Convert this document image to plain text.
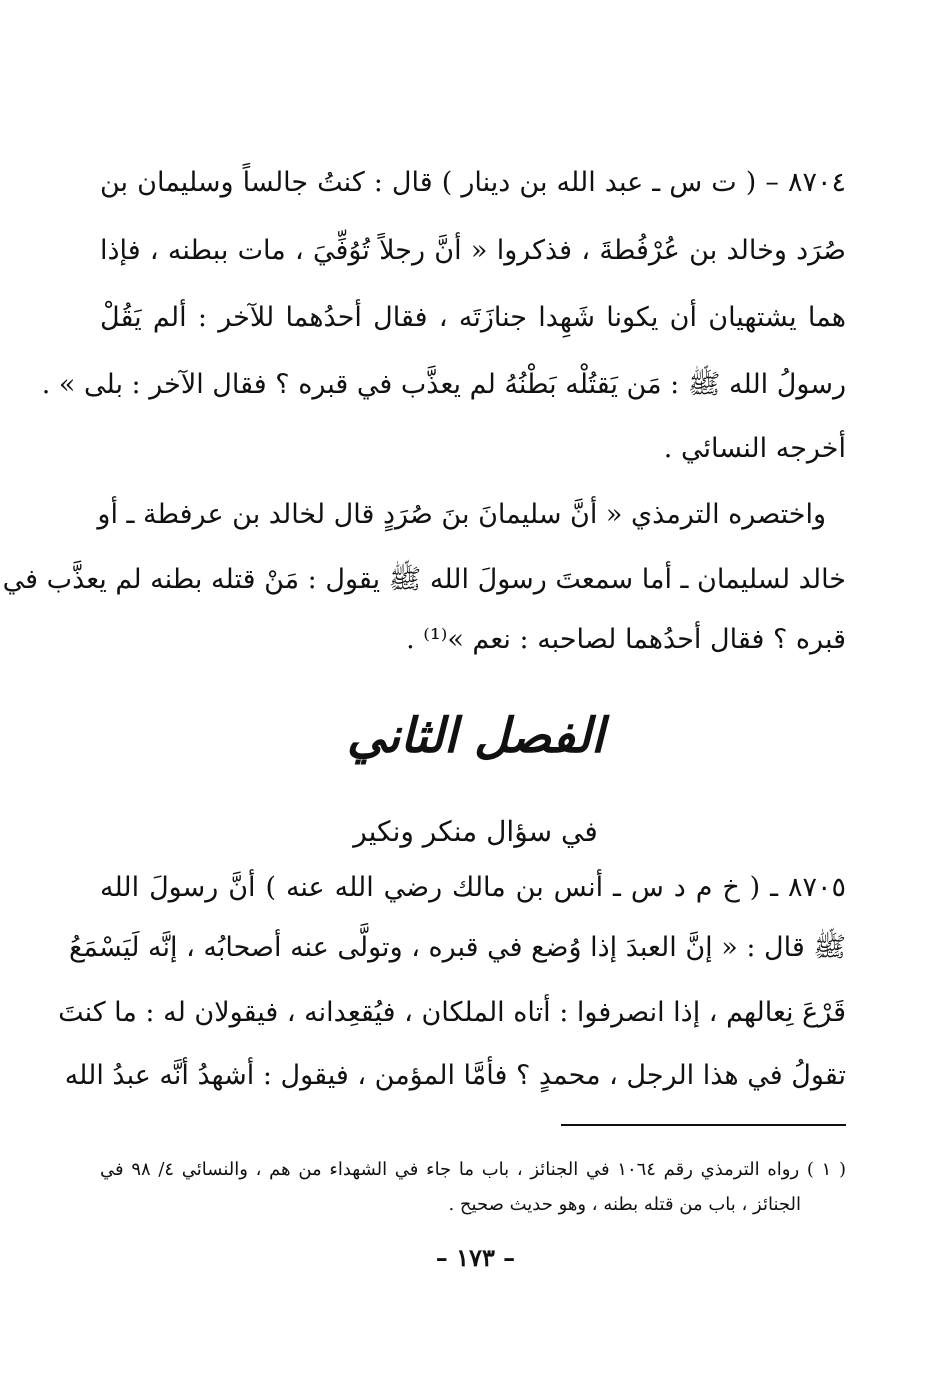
٨٧٠٤ – ( ت س ـ عبد الله بن دينار ) قال : كنتُ جالساً وسليمان بن
صُرَد وخالد بن عُرْفُطةَ ، فذكروا « أنَّ رجلاً تُوُفِّيَ ، مات ببطنه ، فإذا
هما يشتهيان أن يكونا شَهِدا جنازَتَه ، فقال أحدُهما للآخر : ألم يَقُلْ
رسولُ الله ﷺ : مَن يَقتُلْه بَطْنُهُ لم يعذَّب في قبره ؟ فقال الآخر : بلى » .
أخرجه النسائي .
واختصره الترمذي « أنَّ سليمانَ بنَ صُرَدٍ قال لخالد بن عرفطة ـ أو
خالد لسليمان ـ أما سمعتَ رسولَ الله ﷺ يقول : مَنْ قتله بطنه لم يعذَّب في
قبره ؟ فقال أحدُهما لصاحبه : نعم »⁽¹⁾ .
الفصل الثاني
في سؤال منكر ونكير
٨٧٠٥ ـ ( خ م د س ـ أنس بن مالك رضي الله عنه ) أنَّ رسولَ الله
ﷺ قال : « إنَّ العبدَ إذا وُضع في قبره ، وتولَّى عنه أصحابُه ، إنَّه لَيَسْمَعُ
قَرْعَ نِعالهم ، إذا انصرفوا : أتاه الملكان ، فيُقعِدانه ، فيقولان له : ما كنتَ
تقولُ في هذا الرجل ، محمدٍ ؟ فأمَّا المؤمن ، فيقول : أشهدُ أنَّه عبدُ الله
( ١ ) رواه الترمذي رقم ١٠٦٤ في الجنائز ، باب ما جاء في الشهداء من هم ، والنسائي ٤/ ٩٨ في
الجنائز ، باب من قتله بطنه ، وهو حديث صحيح .
– ١٧٣ –
